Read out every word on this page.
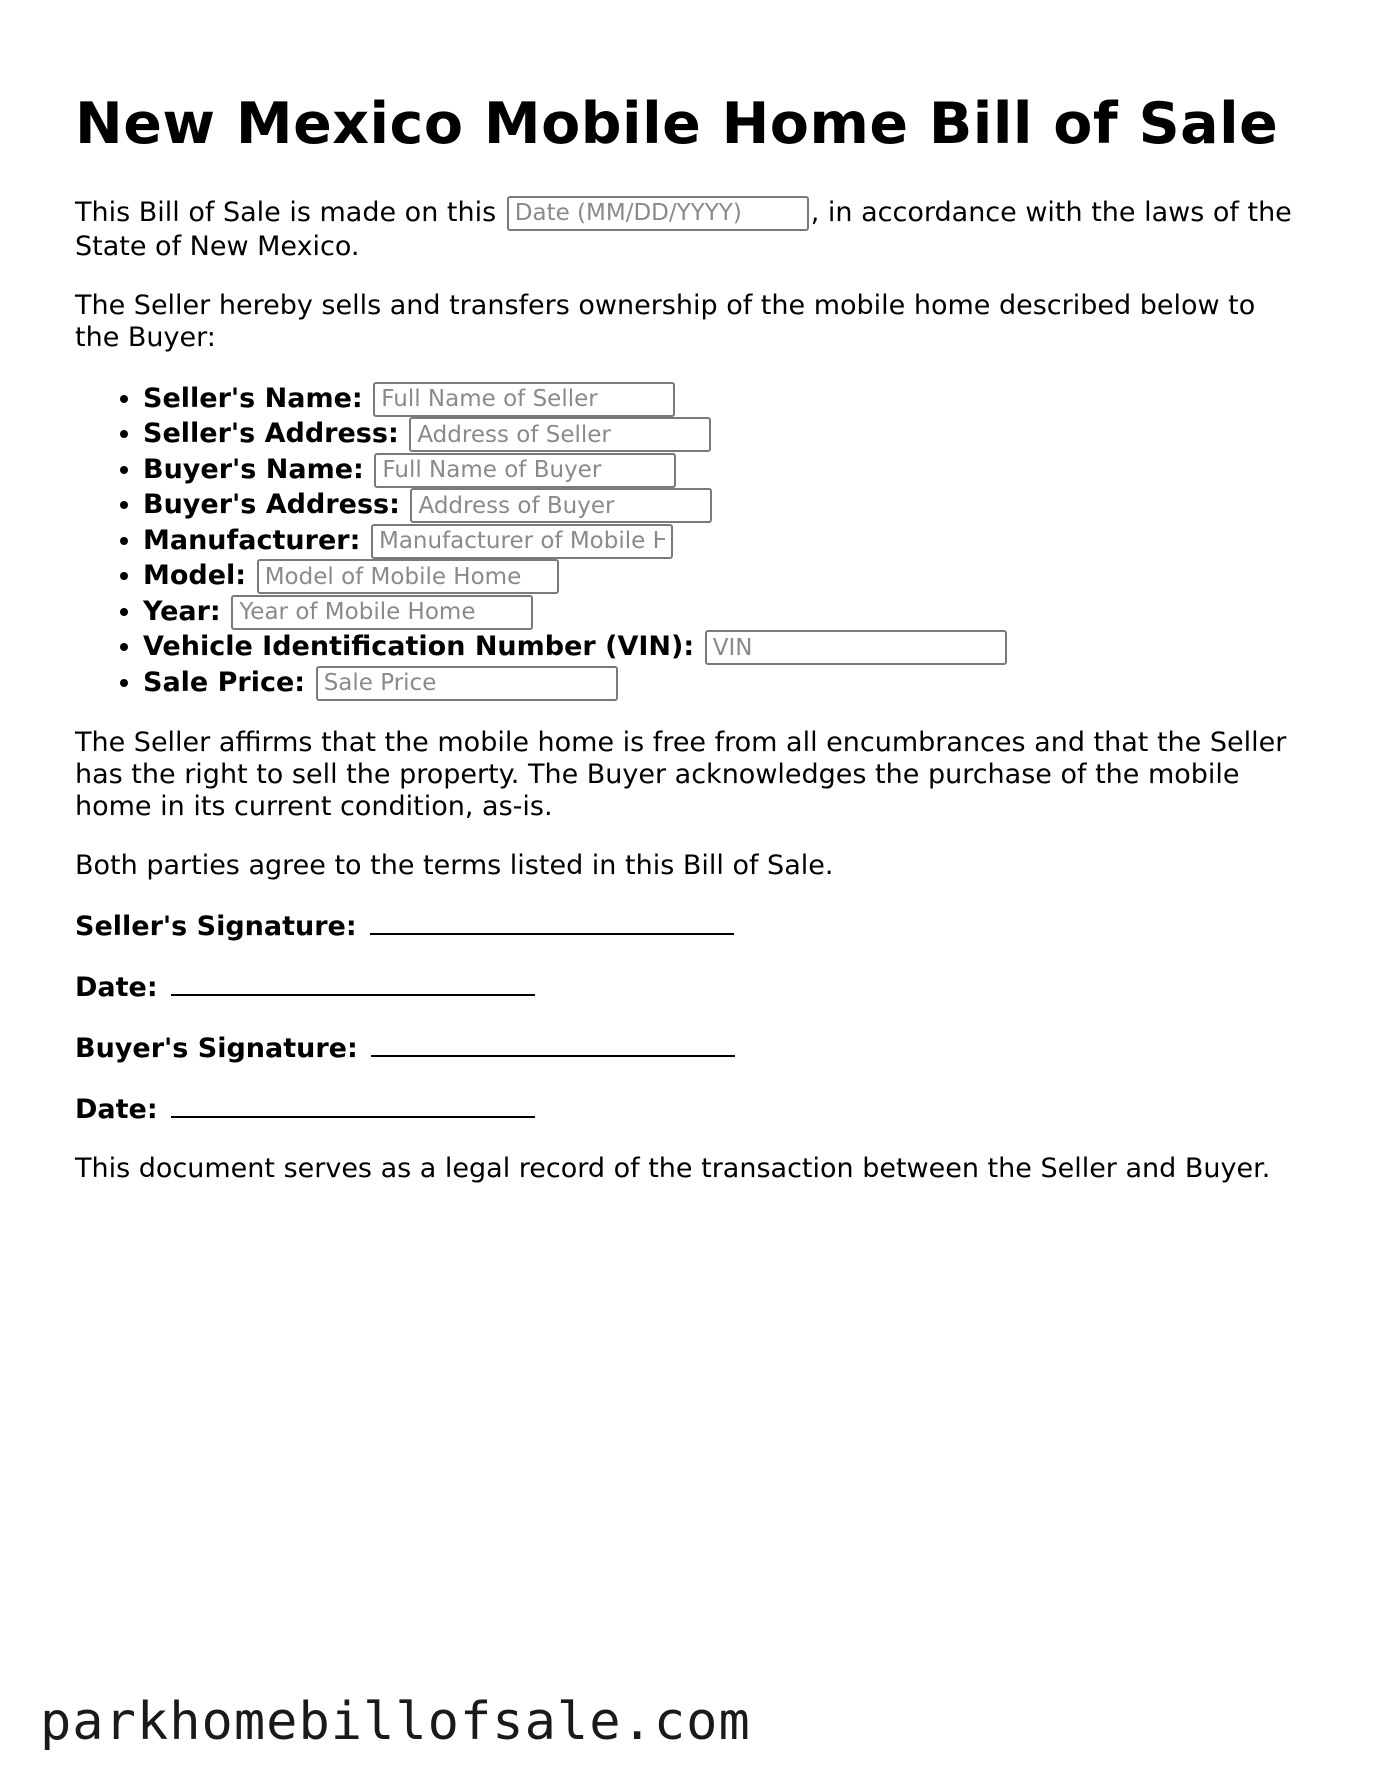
New Mexico Mobile Home Bill of Sale

This Bill of Sale is made on this Date (MM/DD/YYYY)	, in accordance with the laws of the State of New Mexico.

The Seller hereby sells and transfers ownership of the mobile home described below to the Buyer:

• Seller's Name: Full Name of Seller
• Seller's Address: Address of Seller
• Buyer's Name: Full Name of Buyer
• Buyer's Address: Address of Buyer
• Manufacturer: Manufacturer of Mobile Home
• Model: Model of Mobile Home
• Year: Year of Mobile Home
• Vehicle Identification Number (VIN): VIN
• Sale Price: Sale Price

The Seller affirms that the mobile home is free from all encumbrances and that the Seller has the right to sell the property. The Buyer acknowledges the purchase of the mobile home in its current condition, as-is.

Both parties agree to the terms listed in this Bill of Sale.

Seller's Signature:
Date:
Buyer's Signature:
Date:

This document serves as a legal record of the transaction between the Seller and Buyer.

parkhomebillofsale.com
